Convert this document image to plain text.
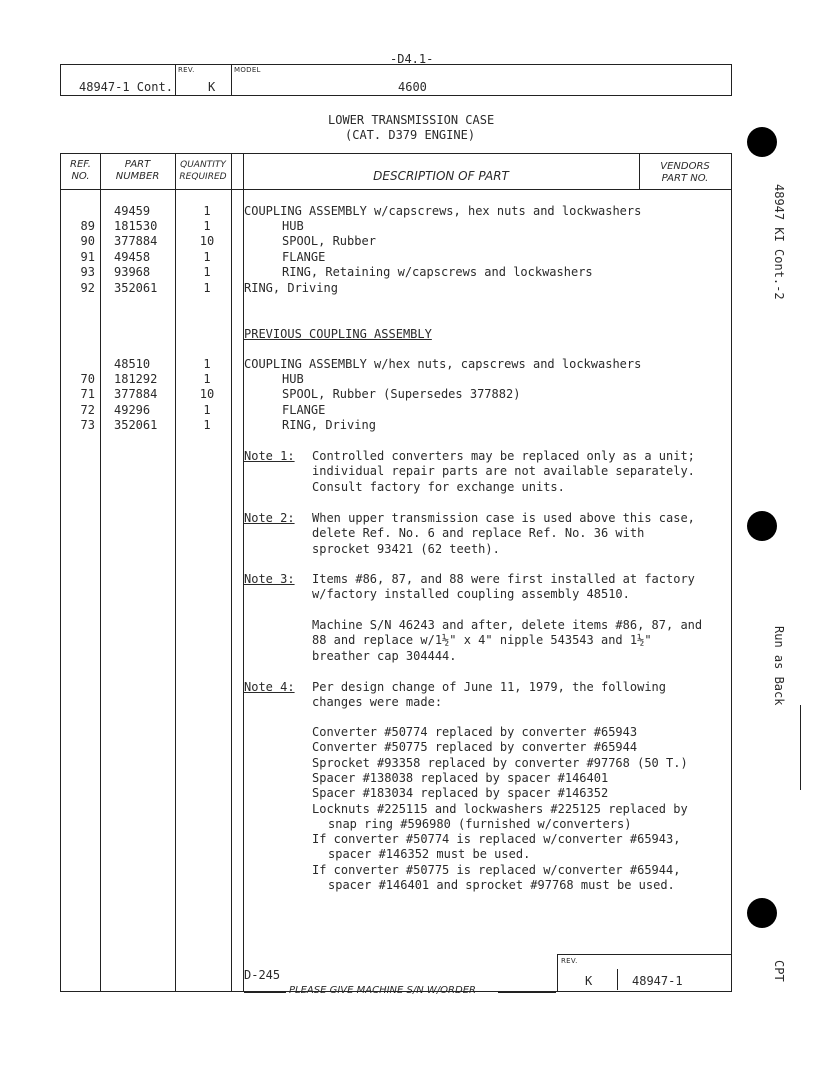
-D4.1-
REV.	MODEL
48947-1 Cont.	K	4600
LOWER TRANSMISSION CASE
(CAT. D379 ENGINE)
REF.
NO.
PART
NUMBER
QUANTITY
REQUIRED	DESCRIPTION OF PART
VENDORS
PART NO.
REV.
49459	1	COUPLING ASSEMBLY w/capscrews, hex nuts and lockwashers
89 181530	1	HUB
90 377884	10	SPOOL, Rubber
91 49458	1	FLANGE
93 93968	1	RING, Retaining w/capscrews and lockwashers
92 352061	1	RING, Driving
PREVIOUS COUPLING ASSEMBLY
48510	1	COUPLING ASSEMBLY w/hex nuts, capscrews and lockwashers
70 181292	1	HUB
71 377884	10	SPOOL, Rubber (Supersedes 377882)
72 49296	1	FLANGE
73 352061	1	RING, Driving
Note 1: Controlled converters may be replaced only as a unit;
individual repair parts are not available separately.
Consult factory for exchange units.
Note 2: When upper transmission case is used above this case,
delete Ref. No. 6 and replace Ref. No. 36 with
sprocket 93421 (62 teeth).
Note 3: Items #86, 87, and 88 were first installed at factory
w/factory installed coupling assembly 48510.
Machine S/N 46243 and after, delete items #86, 87, and
88 and replace w/1½" x 4" nipple 543543 and 1½"
breather cap 304444.
Note 4: Per design change of June 11, 1979, the following
changes were made:
Converter #50774 replaced by converter #65943
Converter #50775 replaced by converter #65944
Sprocket #93358 replaced by converter #97768 (50 T.)
Spacer #138038 replaced by spacer #146401
Spacer #183034 replaced by spacer #146352
Locknuts #225115 and lockwashers #225125 replaced by
snap ring #596980 (furnished w/converters)
If converter #50774 is replaced w/converter #65943,
spacer #146352 must be used.
If converter #50775 is replaced w/converter #65944,
spacer #146401 and sprocket #97768 must be used.
D-245
PLEASE GIVE MACHINE S/N W/ORDER
K	48947-1
48947 KI Cont.-2
Run as Back
CPT
